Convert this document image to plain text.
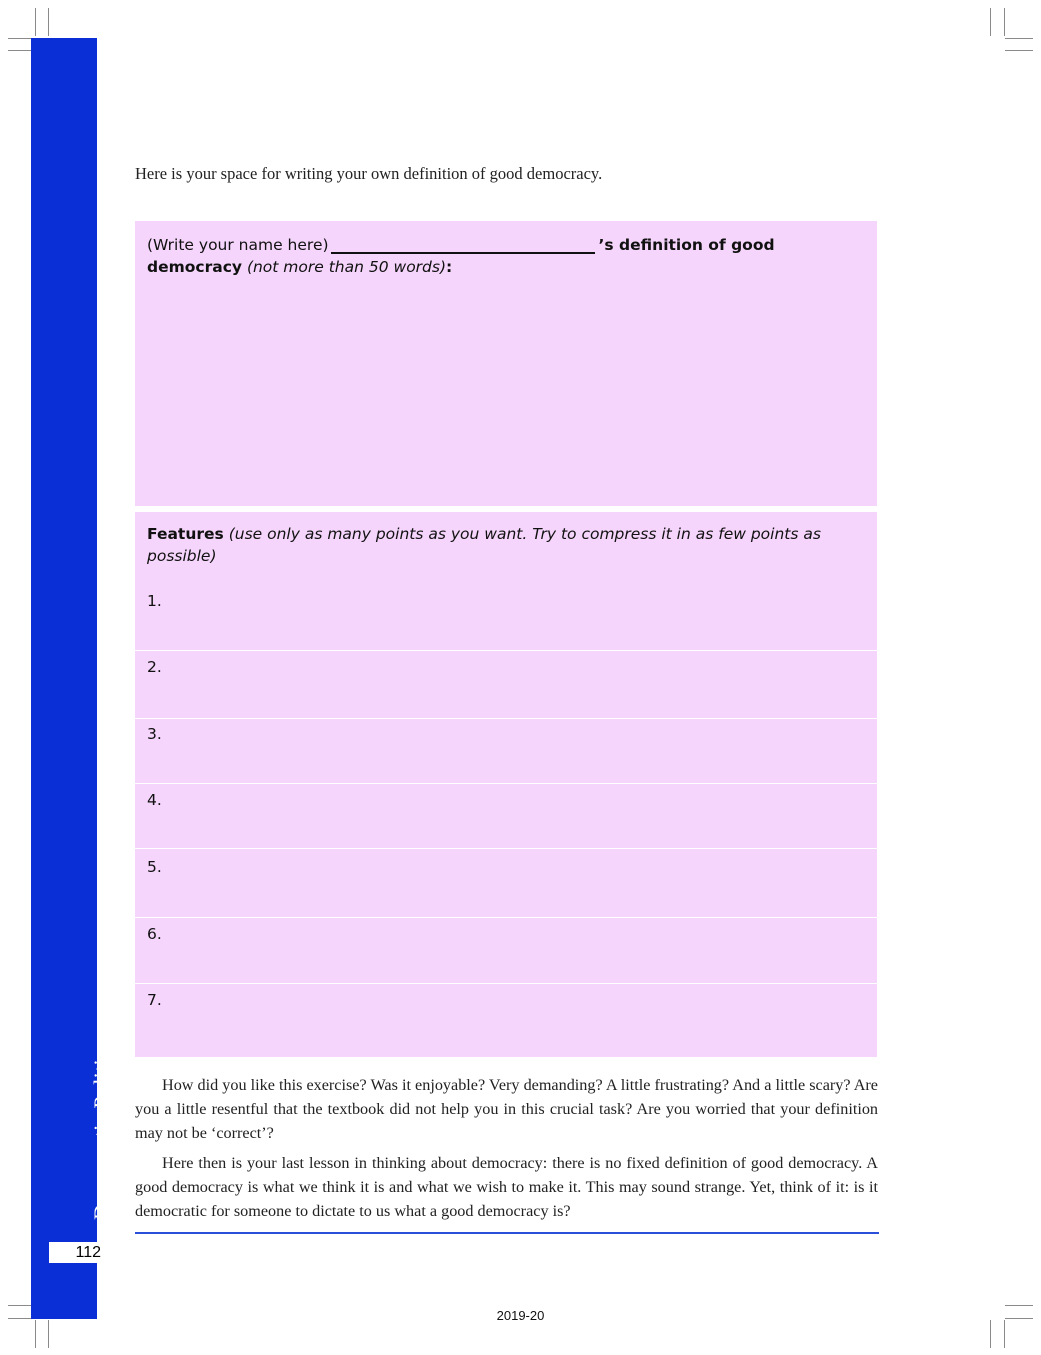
Democratic Politics
112
Here is your space for writing your own definition of good democracy.
(Write your name here)	’s definition of good
democracy (not more than 50 words):
Features (use only as many points as you want. Try to compress it in as few points as possible)
1.
2.
3.
4.
5.
6.
7.

How did you like this exercise? Was it enjoyable? Very demanding? A little frustrating? And a little scary? Are you a little resentful that the textbook did not help you in this crucial task? Are you worried that your definition may not be ‘correct’?

Here then is your last lesson in thinking about democracy: there is no fixed definition of good democracy. A good democracy is what we think it is and what we wish to make it. This may sound strange. Yet, think of it: is it democratic for someone to dictate to us what a good democracy is?

2019-20
